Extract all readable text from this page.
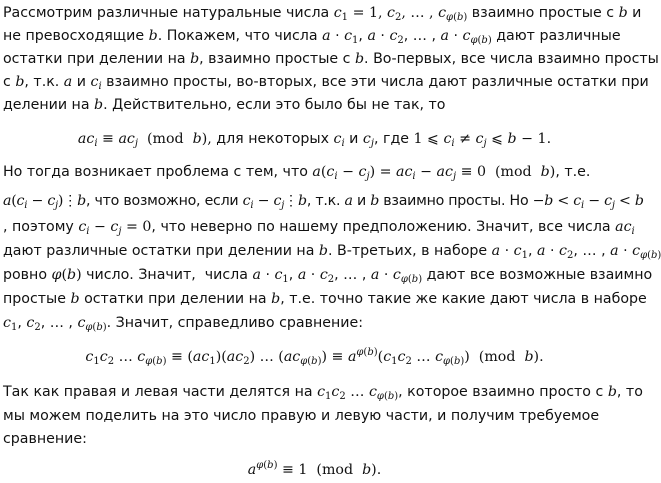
Рассмотрим различные натуральные числа $c_1 = 1$, $c_2$, … , $c_{\varphi(b)}$ взаимно простые с b и
не превосходящие b. Покажем, что числа $a \cdot c_1$, $a \cdot c_2$, … , $a \cdot c_{\varphi(b)}$ дают различные
остатки при делении на b, взаимно простые с b. Во-первых, все числа взаимно просты
с b, т.к. a и $c_i$ взаимно просты, во-вторых, все эти числа дают различные остатки при
делении на b. Действительно, если это было бы не так, то
$ac_i \equiv ac_j$  (mod  b), для некоторых $c_i$ и $c_j$, где 1 ⩽ $c_i \ne c_j$ ⩽ b − 1.
Но тогда возникает проблема с тем, что $a(c_i - c_j) = ac_i - ac_j \equiv 0$  (mod  b), т.е.
$a(c_i$ − $c_j)⋮b$, что возможно, если $c_i$ − $c_j⋮b$, т.к. a и b взаимно просты. Но $-b < c_i - c_j < b$
, поэтому $c_i - c_j = 0$, что неверно по нашему предположению. Значит, все числа $ac_i$
дают различные остатки при делении на b. В-третьих, в наборе $a \cdot c_1$, $a \cdot c_2$, … , $a \cdot c_{\varphi(b)}$
ровно φ(b) число. Значит,  числа $a \cdot c_1$, $a \cdot c_2$, … , $a \cdot c_{\varphi(b)}$ дают все возможные взаимно
простые b остатки при делении на b, т.е. точно такие же какие дают числа в наборе
$c_1$, $c_2$, … , $c_{\varphi(b)}$. Значит, справедливо сравнение:
$c_1c_2$ … $c_{\varphi(b)} \equiv (ac_1)(ac_2)$ … $(ac_{\varphi(b)}) \equiv a^{\varphi(b)}(c_1c_2$ … $c_{\varphi(b)}$)  (mod  b).
Так как правая и левая части делятся на $c_1c_2$ … $c_{\varphi(b)}$, которое взаимно просто с b, то
мы можем поделить на это число правую и левую части, и получим требуемое
сравнение:
$a^{\varphi(b)} \equiv 1$  (mod  b).
